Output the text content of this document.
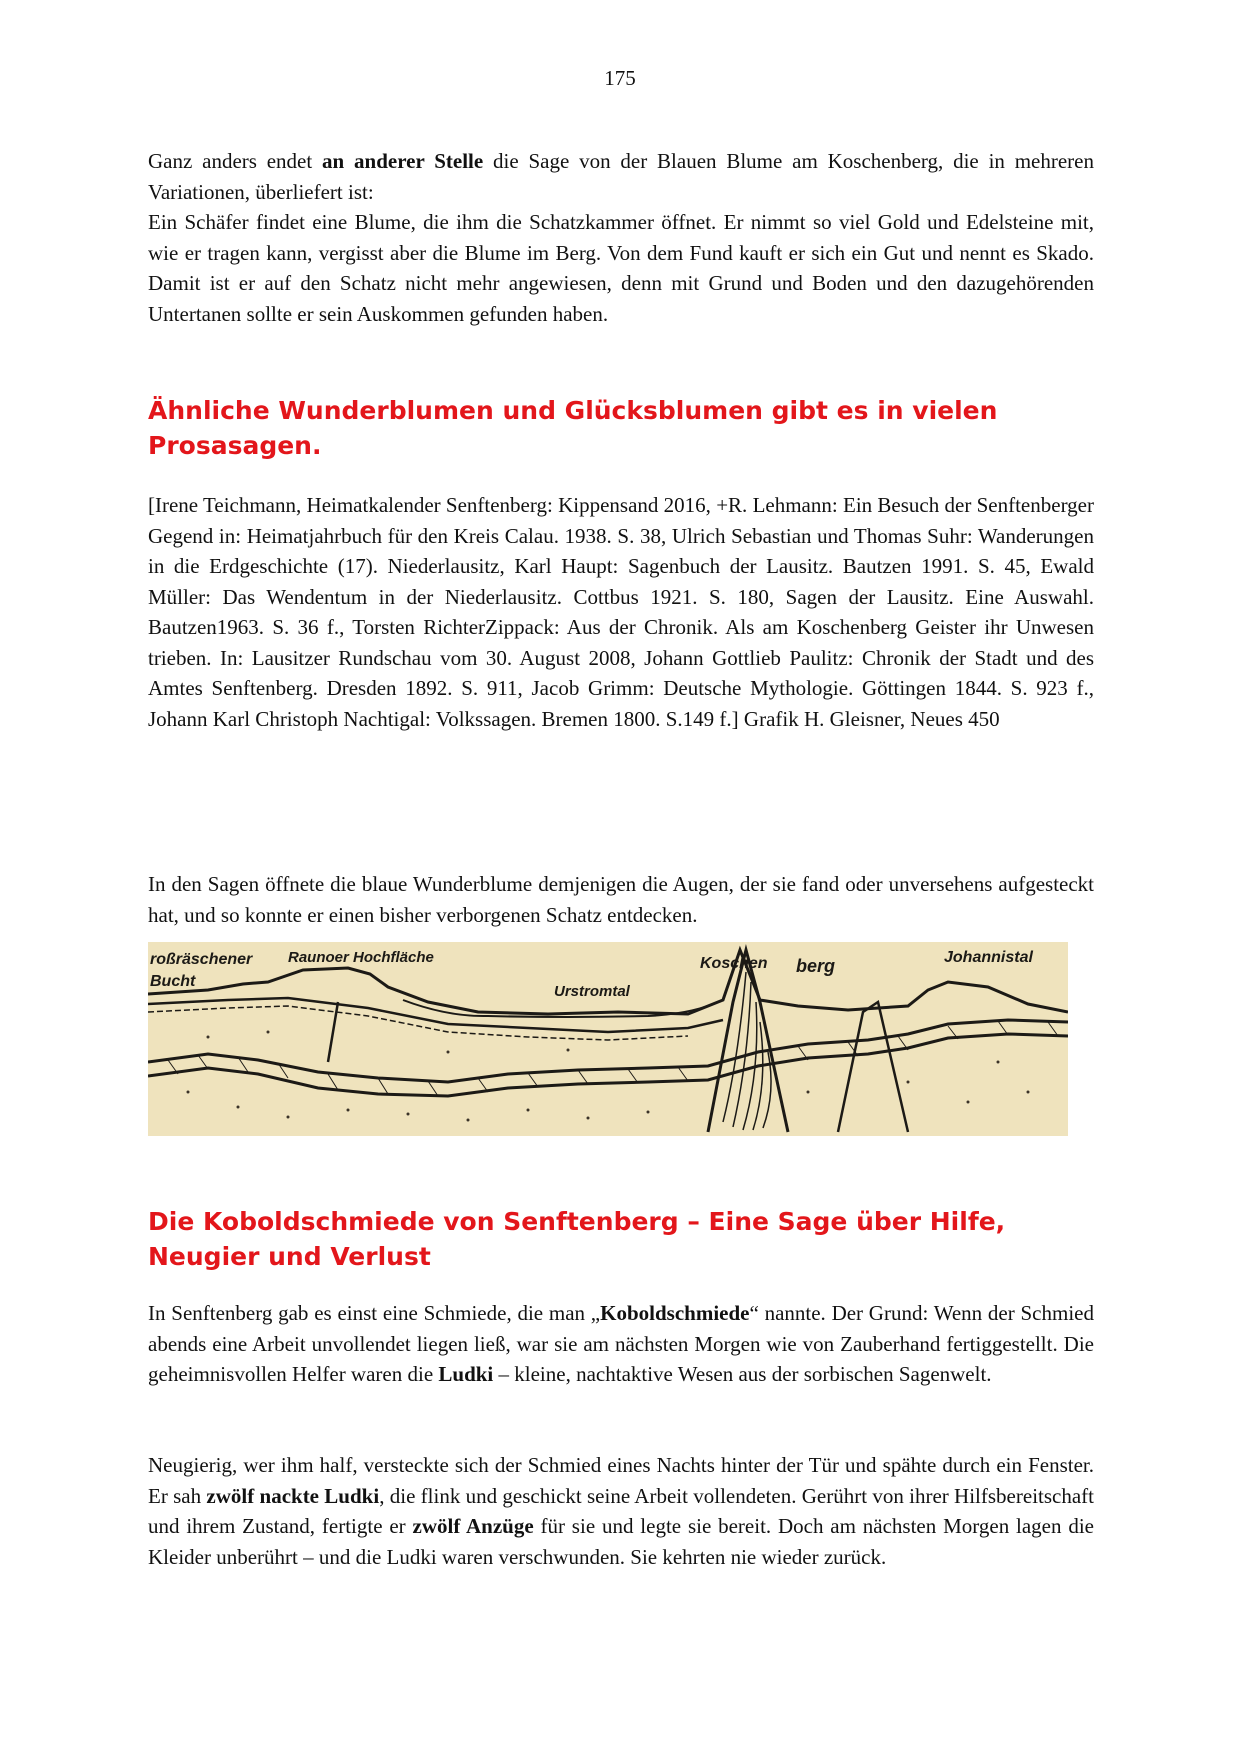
175

Ganz anders endet an anderer Stelle die Sage von der Blauen Blume am Koschenberg, die in mehreren Variationen, überliefert ist:
Ein Schäfer findet eine Blume, die ihm die Schatzkammer öffnet. Er nimmt so viel Gold und Edelsteine mit, wie er tragen kann, vergisst aber die Blume im Berg. Von dem Fund kauft er sich ein Gut und nennt es Skado. Damit ist er auf den Schatz nicht mehr angewiesen, denn mit Grund und Boden und den dazugehörenden Untertanen sollte er sein Auskommen gefunden haben.

Ähnliche Wunderblumen und Glücksblumen gibt es in vielen Prosasagen.

[Irene Teichmann, Heimatkalender Senftenberg: Kippensand 2016, +R. Lehmann: Ein Besuch der Senftenberger Gegend in: Heimatjahrbuch für den Kreis Calau. 1938. S. 38, Ulrich Sebastian und Thomas Suhr: Wanderungen in die Erdgeschichte (17). Niederlausitz, Karl Haupt: Sagenbuch der Lausitz. Bautzen 1991. S. 45, Ewald Müller: Das Wendentum in der Niederlausitz. Cottbus 1921. S. 180, Sagen der Lausitz. Eine Auswahl. Bautzen1963. S. 36 f., Torsten RichterZippack: Aus der Chronik. Als am Koschenberg Geister ihr Unwesen trieben. In: Lausitzer Rundschau vom 30. August 2008, Johann Gottlieb Paulitz: Chronik der Stadt und des Amtes Senftenberg. Dresden 1892. S. 911, Jacob Grimm: Deutsche Mythologie. Göttingen 1844. S. 923 f., Johann Karl Christoph Nachtigal: Volkssagen. Bremen 1800. S.149 f.] Grafik H. Gleisner, Neues 450

In den Sagen öffnete die blaue Wunderblume demjenigen die Augen, der sie fand oder unversehens aufgesteckt hat, und so konnte er einen bisher verborgenen Schatz entdecken.

roßräschener
Bucht
Raunoer Hochfläche
Urstromtal
Koschen berg	Johannistal
Die Koboldschmiede von Senftenberg – Eine Sage über Hilfe, Neugier und Verlust

In Senftenberg gab es einst eine Schmiede, die man „Koboldschmiede“ nannte. Der Grund: Wenn der Schmied abends eine Arbeit unvollendet liegen ließ, war sie am nächsten Morgen wie von Zauberhand fertiggestellt. Die geheimnisvollen Helfer waren die Ludki – kleine, nachtaktive Wesen aus der sorbischen Sagenwelt.

Neugierig, wer ihm half, versteckte sich der Schmied eines Nachts hinter der Tür und spähte durch ein Fenster. Er sah zwölf nackte Ludki, die flink und geschickt seine Arbeit vollendeten. Gerührt von ihrer Hilfsbereitschaft und ihrem Zustand, fertigte er zwölf Anzüge für sie und legte sie bereit. Doch am nächsten Morgen lagen die Kleider unberührt – und die Ludki waren verschwunden. Sie kehrten nie wieder zurück.
